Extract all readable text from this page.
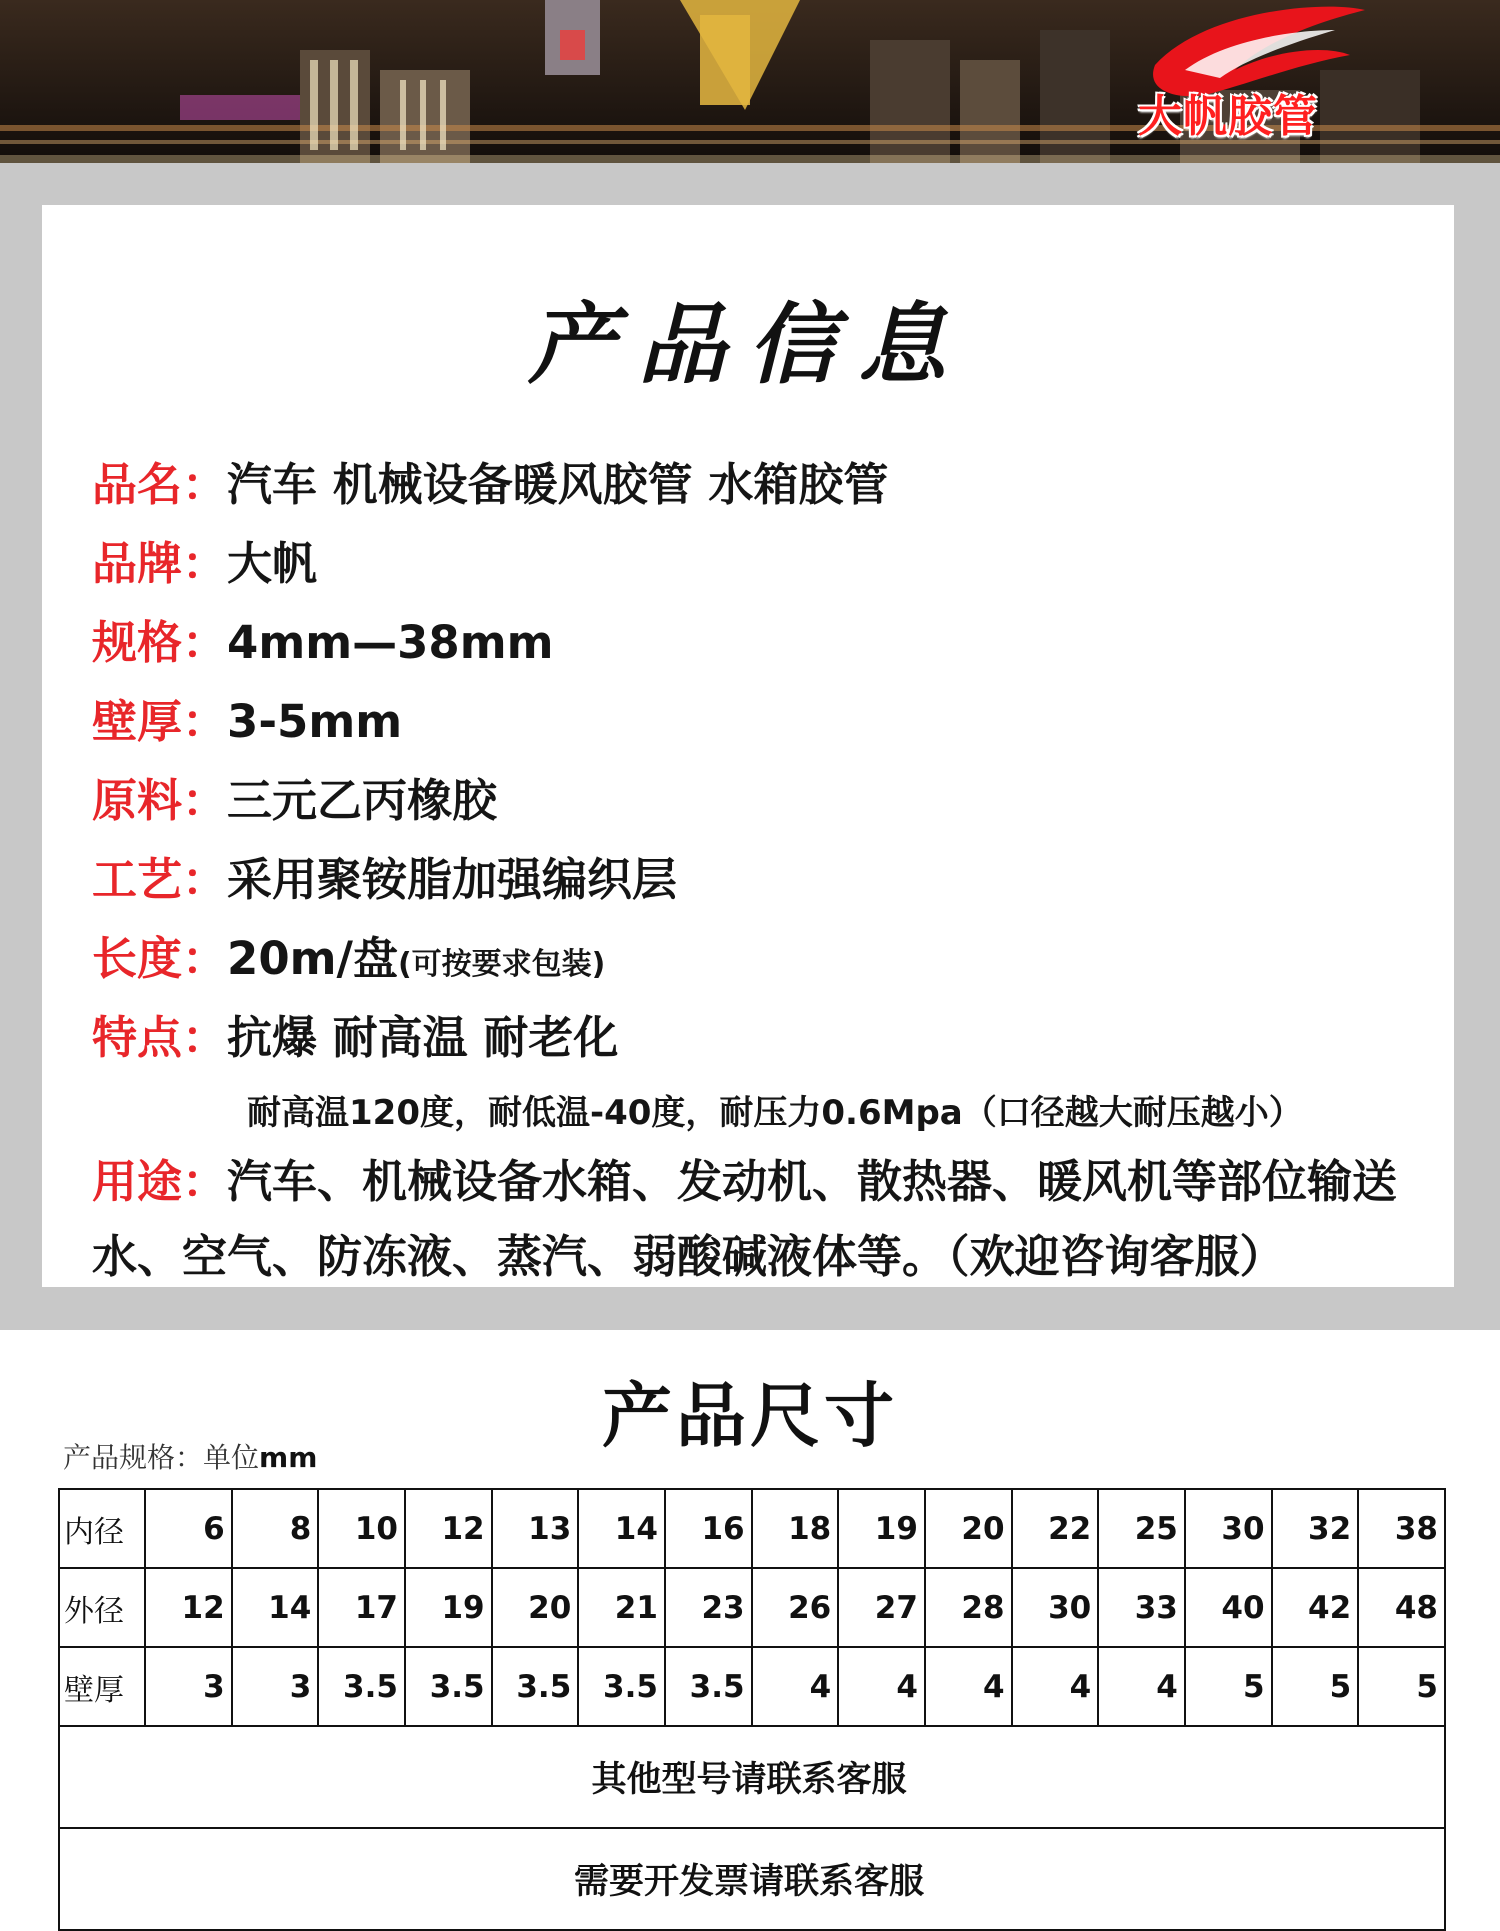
大帆胶管
产品信息
品名：汽车 机械设备暖风胶管 水箱胶管
品牌：大帆
规格：4mm—38mm
壁厚：3-5mm
原料：三元乙丙橡胶
工艺：采用聚铵脂加强编织层
长度：20m/盘(可按要求包装)
特点：抗爆 耐高温 耐老化
耐高温120度，耐低温-40度，耐压力0.6Mpa（口径越大耐压越小）
用途：汽车、机械设备水箱、发动机、散热器、暖风机等部位输送
水、空气、防冻液、蒸汽、弱酸碱液体等。（欢迎咨询客服）
产品尺寸
产品规格：单位mm
内径	6	8	10	12	13	14	16	18	19	20	22	25	30	32	38
外径	12	14	17	19	20	21	23	26	27	28	30	33	40	42	48
壁厚	3	3	3.5	3.5	3.5	3.5	3.5	4	4	4	4	4	5	5	5
其他型号请联系客服															
需要开发票请联系客服															
